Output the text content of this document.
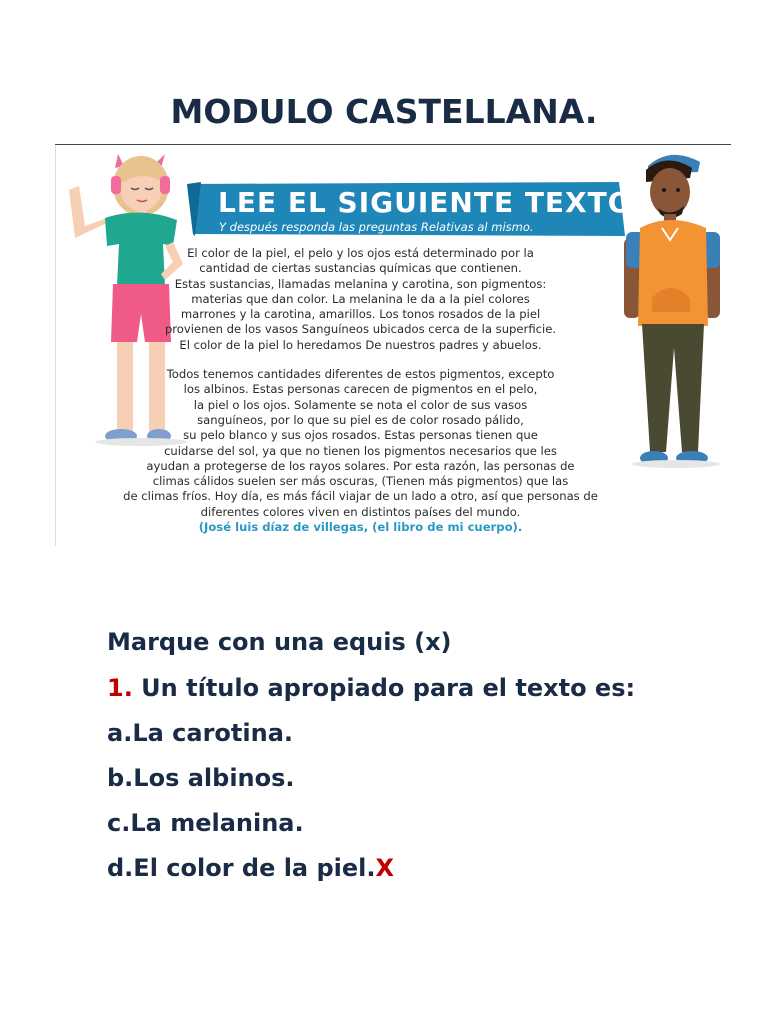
MODULO CASTELLANA.
LEE EL SIGUIENTE TEXTO
Y después responda las preguntas Relativas al mismo.

El color de la piel, el pelo y los ojos está determinado por la

cantidad de ciertas sustancias químicas que contienen.

Estas sustancias, llamadas melanina y carotina, son pigmentos:

materias que dan color. La melanina le da a la piel colores

marrones y la carotina, amarillos. Los tonos rosados de la piel

provienen de los vasos Sanguíneos ubicados cerca de la superficie.

El color de la piel lo heredamos De nuestros padres y abuelos.

Todos tenemos cantidades diferentes de estos pigmentos, excepto

los albinos. Estas personas carecen de pigmentos en el pelo,

la piel o los ojos. Solamente se nota el color de sus vasos

sanguíneos, por lo que su piel es de color rosado pálido,

su pelo blanco y sus ojos rosados. Estas personas tienen que

cuidarse del sol, ya que no tienen los pigmentos necesarios que les

ayudan a protegerse de los rayos solares. Por esta razón, las personas de

climas cálidos suelen ser más oscuras, (Tienen más pigmentos) que las

de climas fríos. Hoy día, es más fácil viajar de un lado a otro, así que personas de

diferentes colores viven en distintos países del mundo.

(José luis díaz de villegas, (el libro de mi cuerpo).

Marque con una equis (x)
1. Un título apropiado para el texto es:
a.La carotina.
b.Los albinos.
c.La melanina.
d.El color de la piel.X
